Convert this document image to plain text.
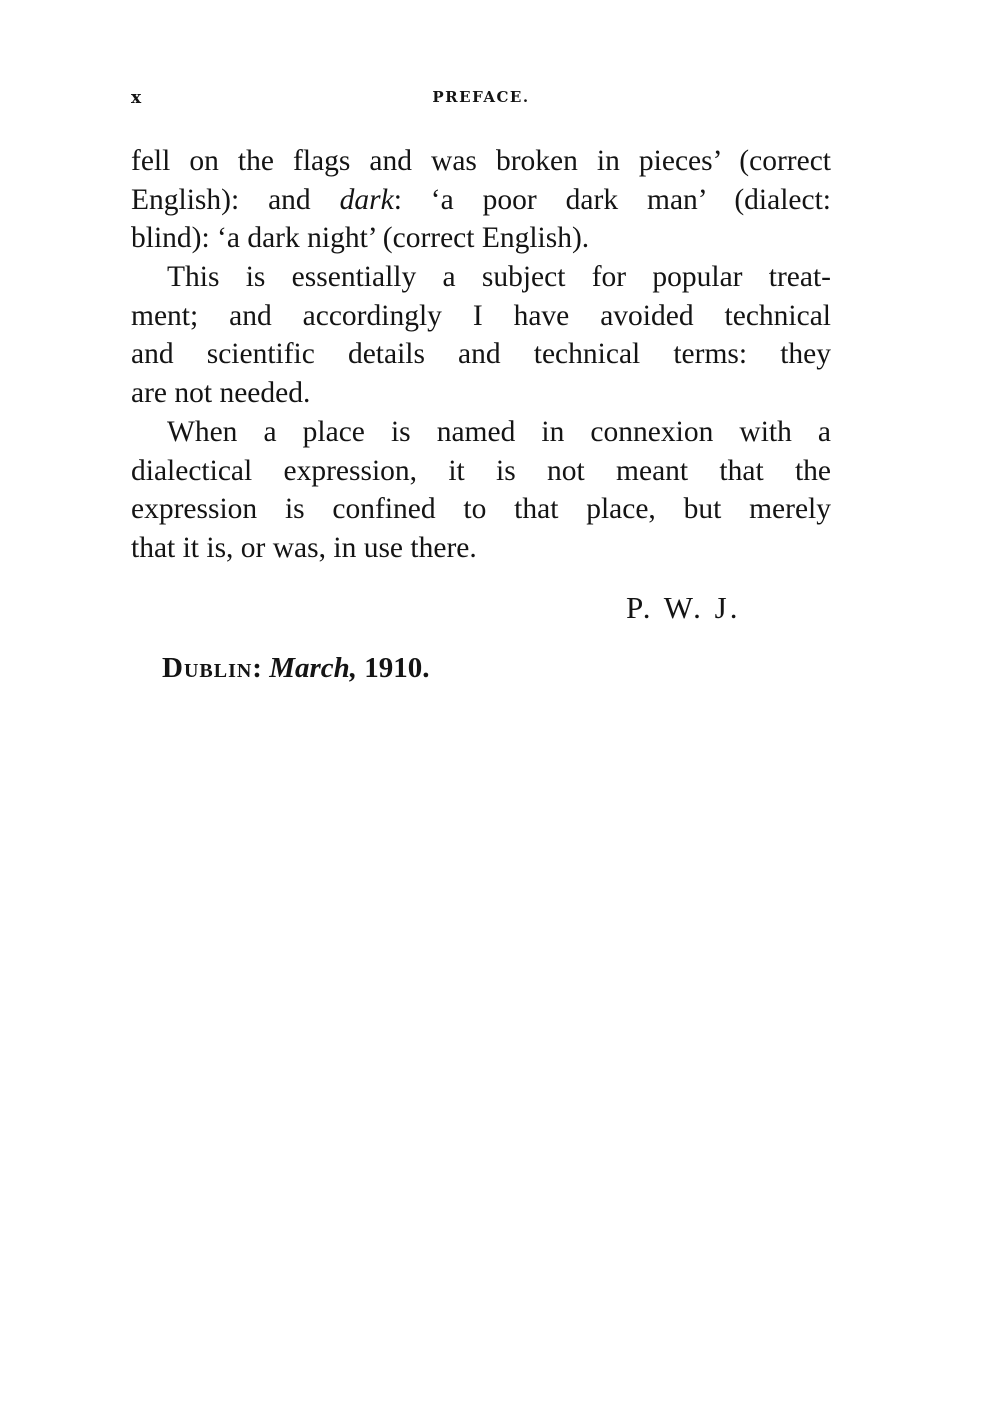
x	PREFACE.
fell on the flags and was broken in pieces’ (correct
English): and dark: ‘a poor dark man’ (dialect:
blind): ‘a dark night’ (correct English).
This is essentially a subject for popular treat-
ment; and accordingly I have avoided technical
and scientific details and technical terms: they
are not needed.
When a place is named in connexion with a
dialectical expression, it is not meant that the
expression is confined to that place, but merely
that it is, or was, in use there.
P. W. J.
Dublin: March, 1910.
